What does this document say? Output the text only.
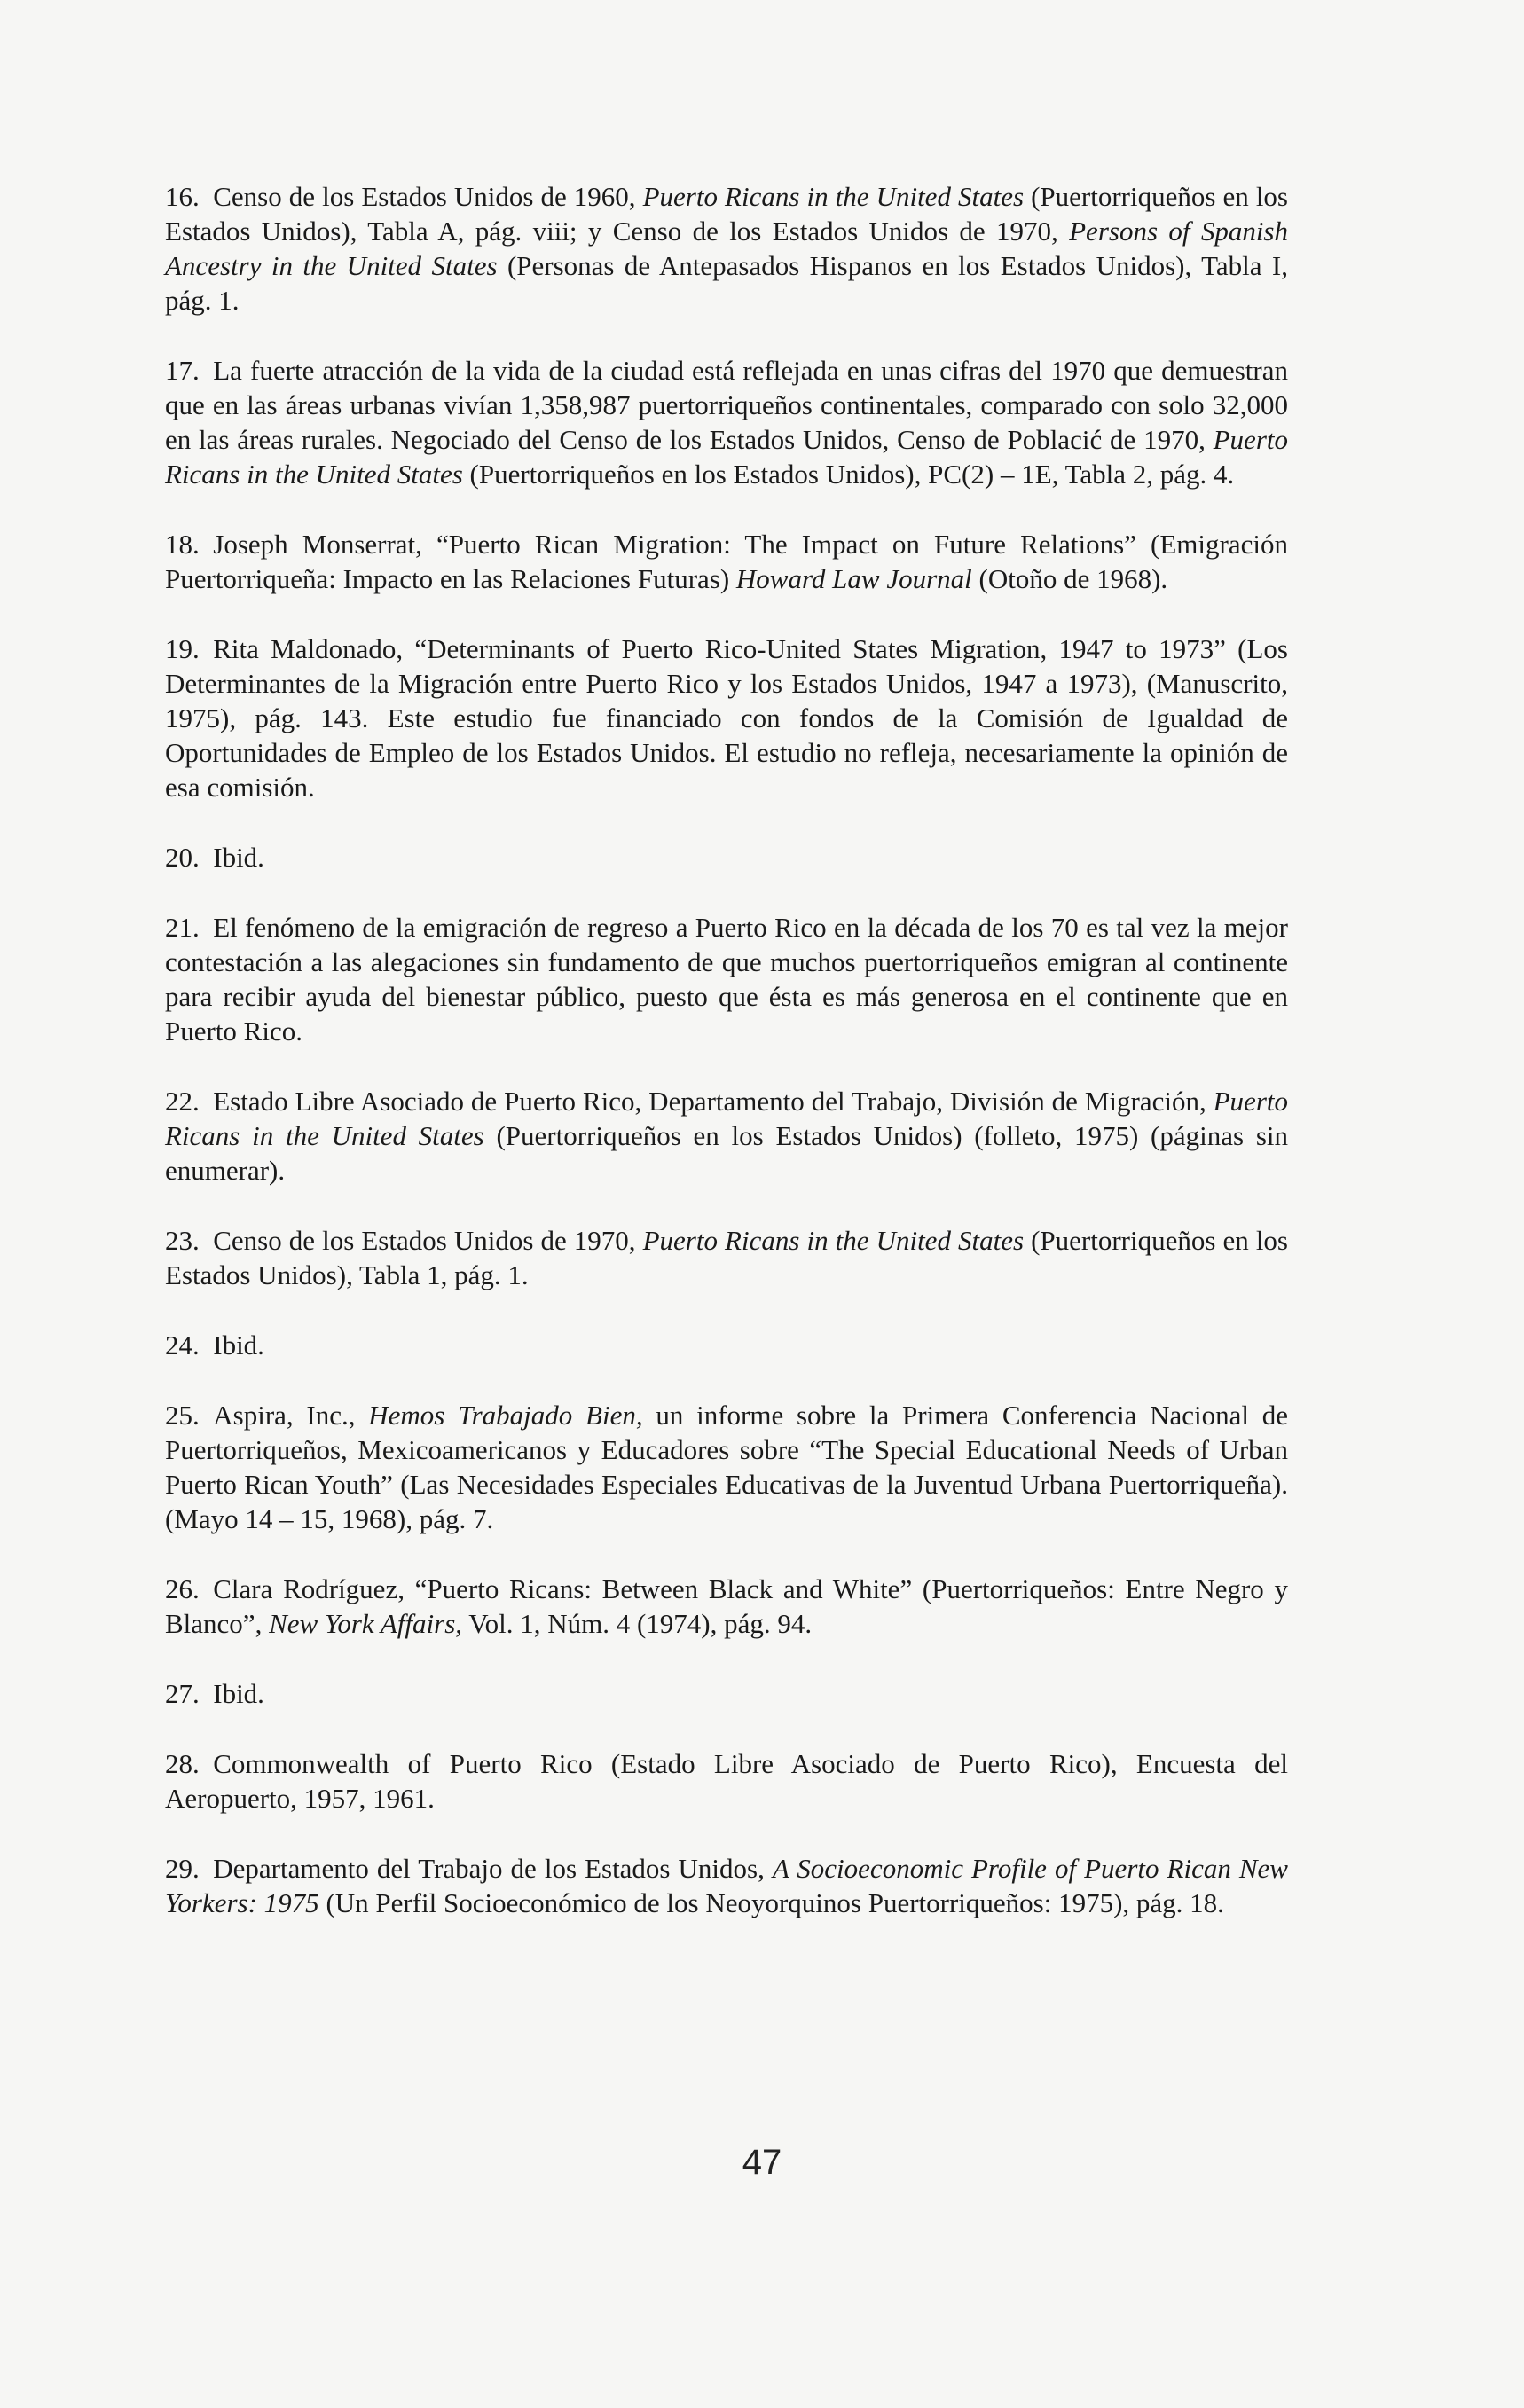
16. Censo de los Estados Unidos de 1960, Puerto Ricans in the United States (Puertorriqueños en los Estados Unidos), Tabla A, pág. viii; y Censo de los Estados Unidos de 1970, Persons of Spanish Ancestry in the United States (Personas de Antepasados Hispanos en los Estados Unidos), Tabla I, pág. 1.

17. La fuerte atracción de la vida de la ciudad está reflejada en unas cifras del 1970 que demuestran que en las áreas urbanas vivían 1,358,987 puertorriqueños continentales, comparado con solo 32,000 en las áreas rurales. Negociado del Censo de los Estados Unidos, Censo de Poblacić de 1970, Puerto Ricans in the United States (Puertorriqueños en los Estados Unidos), PC(2) – 1E, Tabla 2, pág. 4.

18. Joseph Monserrat, “Puerto Rican Migration: The Impact on Future Relations” (Emigración Puertorriqueña: Impacto en las Relaciones Futuras) Howard Law Journal (Otoño de 1968).

19. Rita Maldonado, “Determinants of Puerto Rico-United States Migration, 1947 to 1973” (Los Determinantes de la Migración entre Puerto Rico y los Estados Unidos, 1947 a 1973), (Manuscrito, 1975), pág. 143. Este estudio fue financiado con fondos de la Comisión de Igualdad de Oportunidades de Empleo de los Estados Unidos. El estudio no refleja, necesariamente la opinión de esa comisión.

20. Ibid.

21. El fenómeno de la emigración de regreso a Puerto Rico en la década de los 70 es tal vez la mejor contestación a las alegaciones sin fundamento de que muchos puertorriqueños emigran al continente para recibir ayuda del bienestar público, puesto que ésta es más generosa en el continente que en Puerto Rico.

22. Estado Libre Asociado de Puerto Rico, Departamento del Trabajo, División de Migración, Puerto Ricans in the United States (Puertorriqueños en los Estados Unidos) (folleto, 1975) (páginas sin enumerar).

23. Censo de los Estados Unidos de 1970, Puerto Ricans in the United States (Puertorriqueños en los Estados Unidos), Tabla 1, pág. 1.

24. Ibid.

25. Aspira, Inc., Hemos Trabajado Bien, un informe sobre la Primera Conferencia Nacional de Puertorriqueños, Mexicoamericanos y Educadores sobre “The Special Educational Needs of Urban Puerto Rican Youth” (Las Necesidades Especiales Educativas de la Juventud Urbana Puertorriqueña). (Mayo 14 – 15, 1968), pág. 7.

26. Clara Rodríguez, “Puerto Ricans: Between Black and White” (Puertorriqueños: Entre Negro y Blanco”, New York Affairs, Vol. 1, Núm. 4 (1974), pág. 94.

27. Ibid.

28. Commonwealth of Puerto Rico (Estado Libre Asociado de Puerto Rico), Encuesta del Aeropuerto, 1957, 1961.

29. Departamento del Trabajo de los Estados Unidos, A Socioeconomic Profile of Puerto Rican New Yorkers: 1975 (Un Perfil Socioeconómico de los Neoyorquinos Puertorriqueños: 1975), pág. 18.

47
